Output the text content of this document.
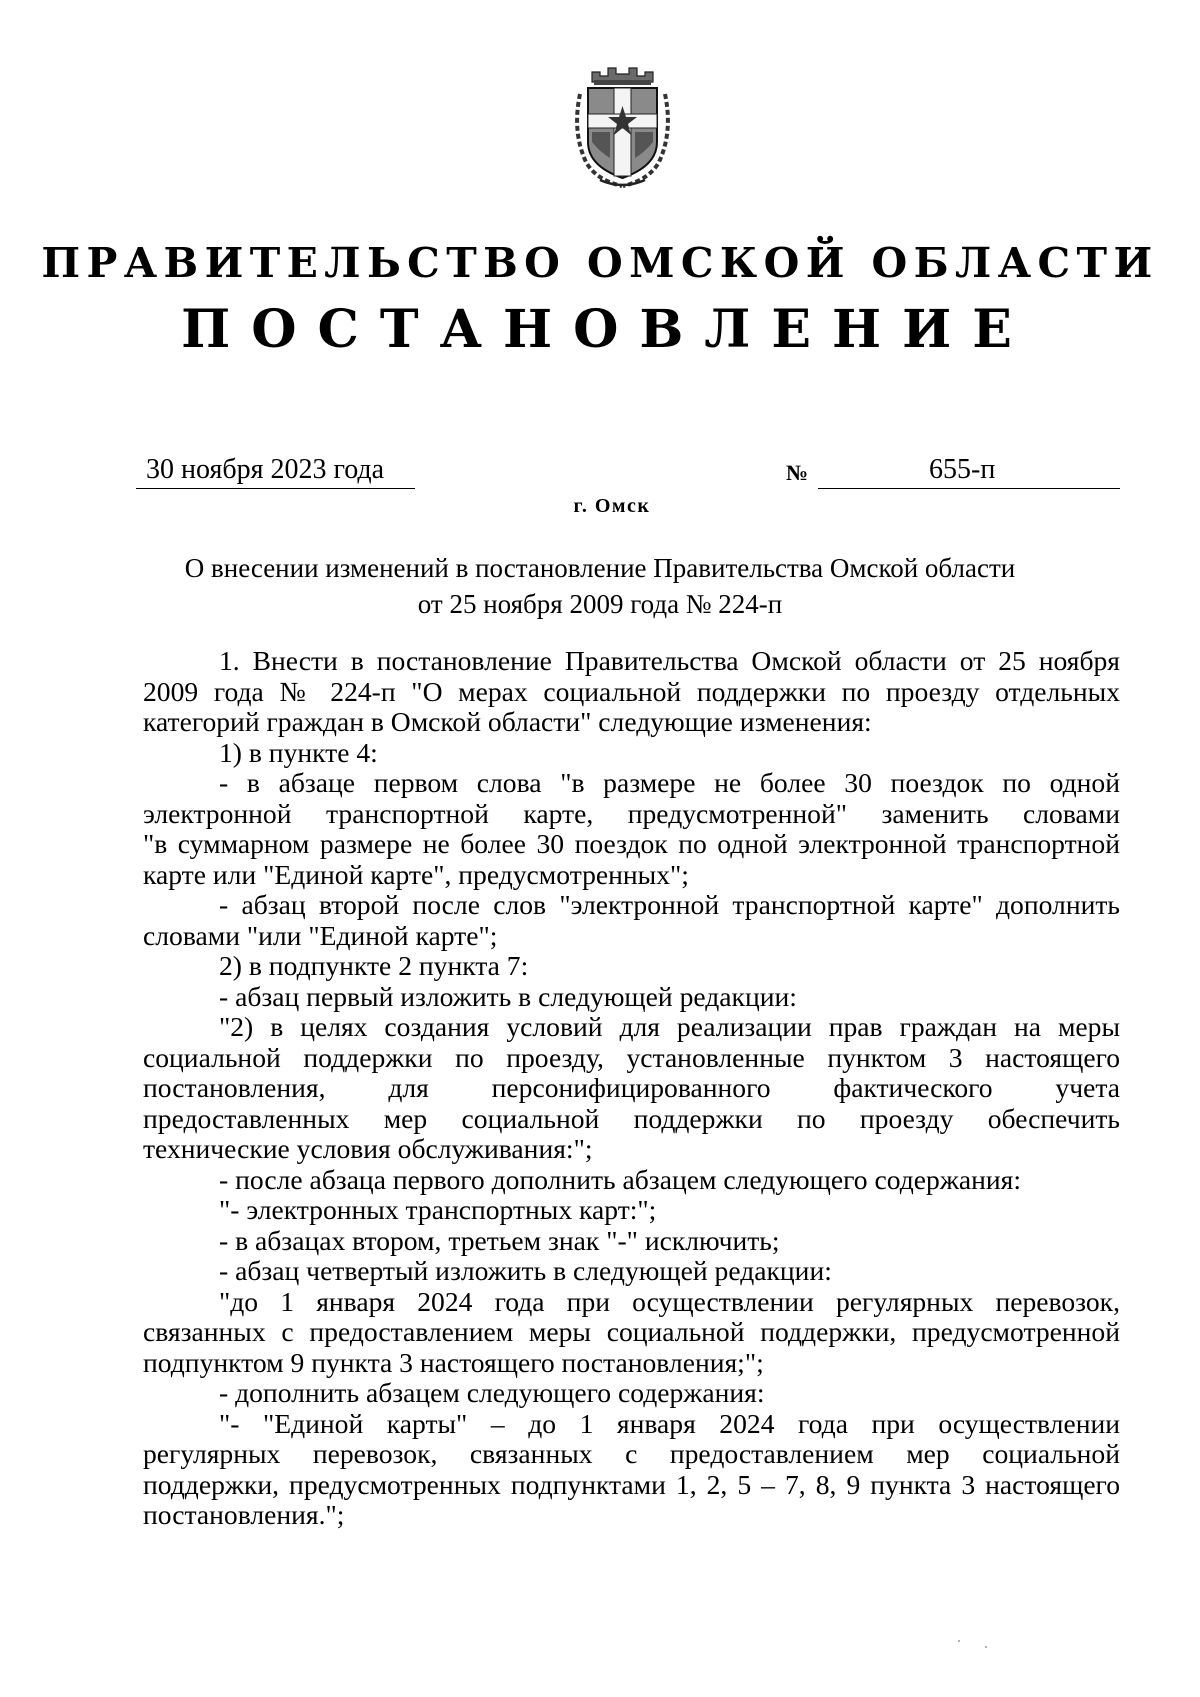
ПРАВИТЕЛЬСТВО ОМСКОЙ ОБЛАСТИ
ПОСТАНОВЛЕНИЕ
30 ноября 2023 года	№	655-п
г. Омск
О внесении изменений в постановление Правительства Омской области
от 25 ноября 2009 года № 224-п

1. Внести в постановление Правительства Омской области от 25 ноября

2009 года № 224-п "О мерах социальной поддержки по проезду отдельных

категорий граждан в Омской области" следующие изменения:

1) в пункте 4:

- в абзаце первом слова "в размере не более 30 поездок по одной

электронной транспортной карте, предусмотренной" заменить словами

"в суммарном размере не более 30 поездок по одной электронной транспортной

карте или "Единой карте", предусмотренных";

- абзац второй после слов "электронной транспортной карте" дополнить

словами "или "Единой карте";

2) в подпункте 2 пункта 7:

- абзац первый изложить в следующей редакции:

"2) в целях создания условий для реализации прав граждан на меры

социальной поддержки по проезду, установленные пунктом 3 настоящего

постановления, для персонифицированного фактического учета

предоставленных мер социальной поддержки по проезду обеспечить

технические условия обслуживания:";

- после абзаца первого дополнить абзацем следующего содержания:

"- электронных транспортных карт:";

- в абзацах втором, третьем знак "-" исключить;

- абзац четвертый изложить в следующей редакции:

"до 1 января 2024 года при осуществлении регулярных перевозок,

связанных с предоставлением меры социальной поддержки, предусмотренной

подпунктом 9 пункта 3 настоящего постановления;";

- дополнить абзацем следующего содержания:

"- "Единой карты" – до 1 января 2024 года при осуществлении

регулярных перевозок, связанных с предоставлением мер социальной

поддержки, предусмотренных подпунктами 1, 2, 5 – 7, 8, 9 пункта 3 настоящего

постановления.";
